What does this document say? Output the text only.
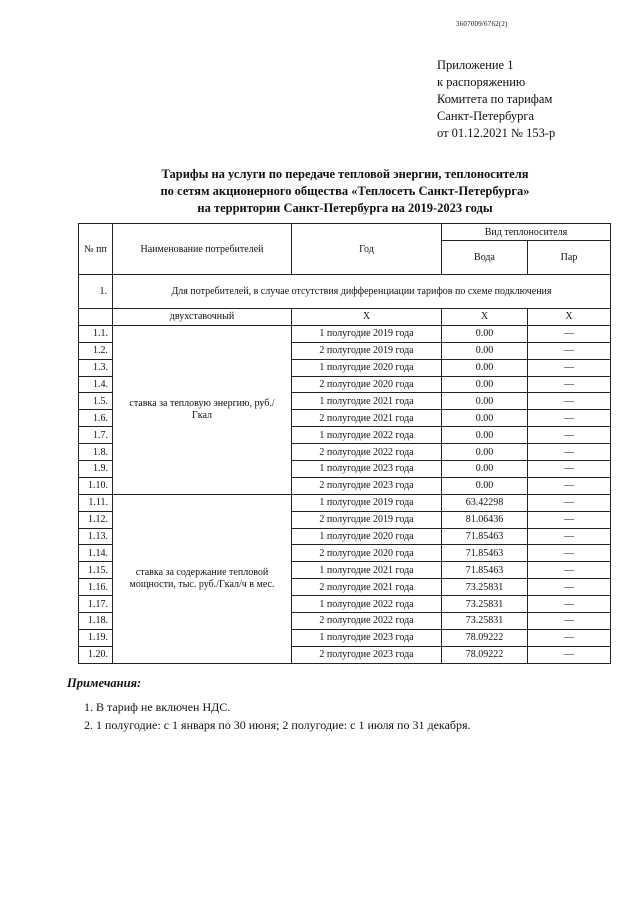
3607009/6762(2)
Приложение 1
к распоряжению
Комитета по тарифам
Санкт-Петербурга
от 01.12.2021 № 153-р
Тарифы на услуги по передаче тепловой энергии, теплоносителя
по сетям акционерного общества «Теплосеть Санкт-Петербурга»
на территории Санкт-Петербурга на 2019-2023 годы
№ пп	Наименование потребителей	Год	Вид теплоносителя	
			Вода	Пар
1.	Для потребителей, в случае отсутствия дифференциации тарифов по схеме подключения			
	двухставочный	Х	Х	Х
1.1.	ставка за тепловую энергию, руб./Гкал	1 полугодие 2019 года	0.00	—
1.2.		2 полугодие 2019 года	0.00	—
1.3.		1 полугодие 2020 года	0.00	—
1.4.		2 полугодие 2020 года	0.00	—
1.5.		1 полугодие 2021 года	0.00	—
1.6.		2 полугодие 2021 года	0.00	—
1.7.		1 полугодие 2022 года	0.00	—
1.8.		2 полугодие 2022 года	0.00	—
1.9.		1 полугодие 2023 года	0.00	—
1.10.		2 полугодие 2023 года	0.00	—
1.11.	ставка за содержание тепловой мощности, тыс. руб./Гкал/ч в мес.	1 полугодие 2019 года	63.42298	—
1.12.		2 полугодие 2019 года	81.06436	—
1.13.		1 полугодие 2020 года	71.85463	—
1.14.		2 полугодие 2020 года	71.85463	—
1.15.		1 полугодие 2021 года	71.85463	—
1.16.		2 полугодие 2021 года	73.25831	—
1.17.		1 полугодие 2022 года	73.25831	—
1.18.		2 полугодие 2022 года	73.25831	—
1.19.		1 полугодие 2023 года	78.09222	—
1.20.		2 полугодие 2023 года	78.09222	—
Примечания:
1. В тариф не включен НДС.
2. 1 полугодие: с 1 января по 30 июня; 2 полугодие: с 1 июля по 31 декабря.
